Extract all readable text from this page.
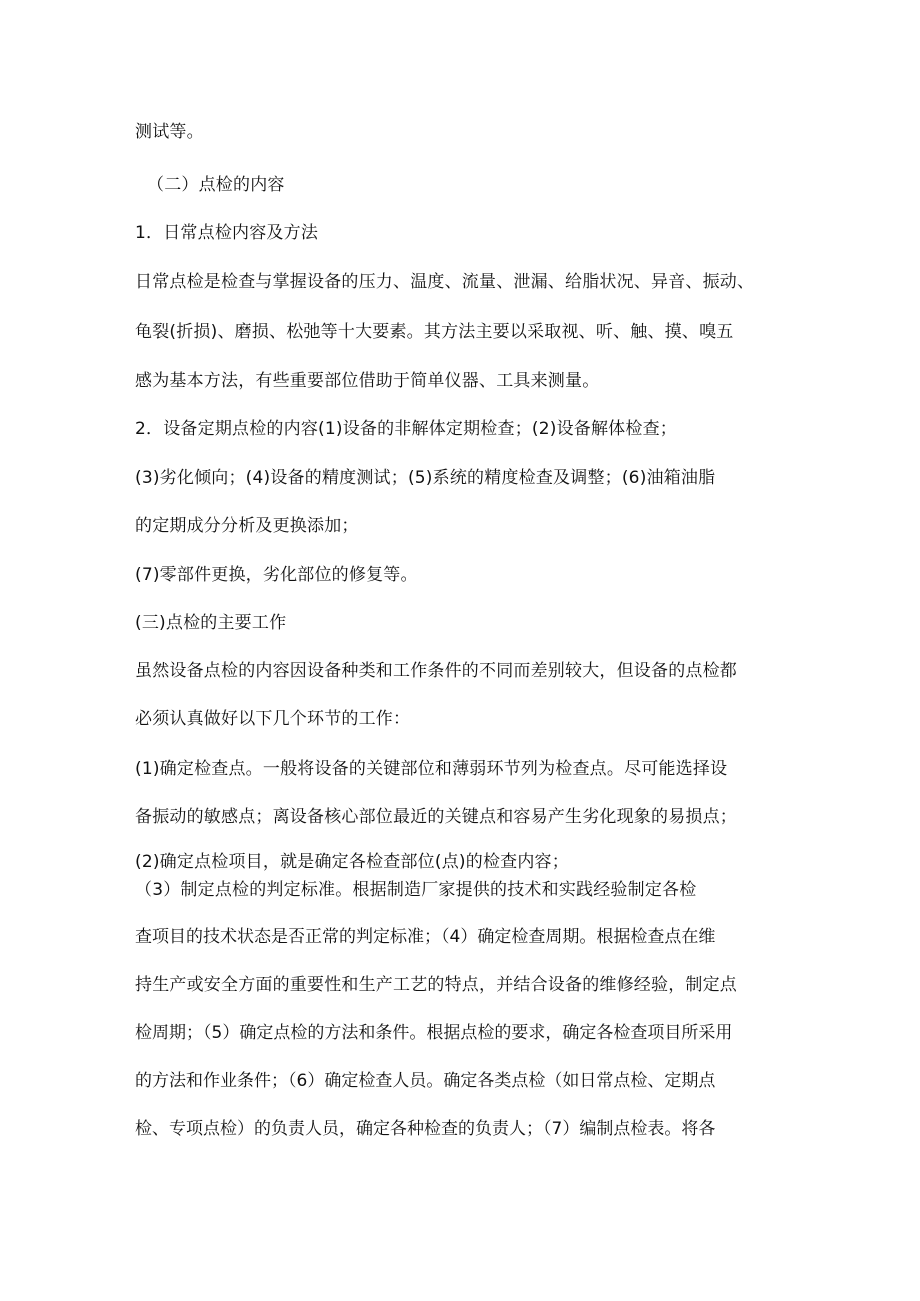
测试等。
（二）点检的内容
1．日常点检内容及方法
日常点检是检查与掌握设备的压力、温度、流量、泄漏、给脂状况、异音、振动、
龟裂(折损)、磨损、松弛等十大要素。其方法主要以采取视、听、触、摸、嗅五
感为基本方法，有些重要部位借助于简单仪器、工具来测量。
2．设备定期点检的内容(1)设备的非解体定期检查；(2)设备解体检查；
(3)劣化倾向；(4)设备的精度测试；(5)系统的精度检查及调整；(6)油箱油脂
的定期成分分析及更换添加；
(7)零部件更换，劣化部位的修复等。
(三)点检的主要工作
虽然设备点检的内容因设备种类和工作条件的不同而差别较大，但设备的点检都
必须认真做好以下几个环节的工作：
(1)确定检查点。一般将设备的关键部位和薄弱环节列为检查点。尽可能选择设
备振动的敏感点；离设备核心部位最近的关键点和容易产生劣化现象的易损点；
(2)确定点检项目，就是确定各检查部位(点)的检查内容；
（3）制定点检的判定标准。根据制造厂家提供的技术和实践经验制定各检
查项目的技术状态是否正常的判定标准；（4）确定检查周期。根据检查点在维
持生产或安全方面的重要性和生产工艺的特点，并结合设备的维修经验，制定点
检周期；（5）确定点检的方法和条件。根据点检的要求，确定各检查项目所采用
的方法和作业条件；（6）确定检查人员。确定各类点检（如日常点检、定期点
检、专项点检）的负责人员，确定各种检查的负责人；（7）编制点检表。将各
